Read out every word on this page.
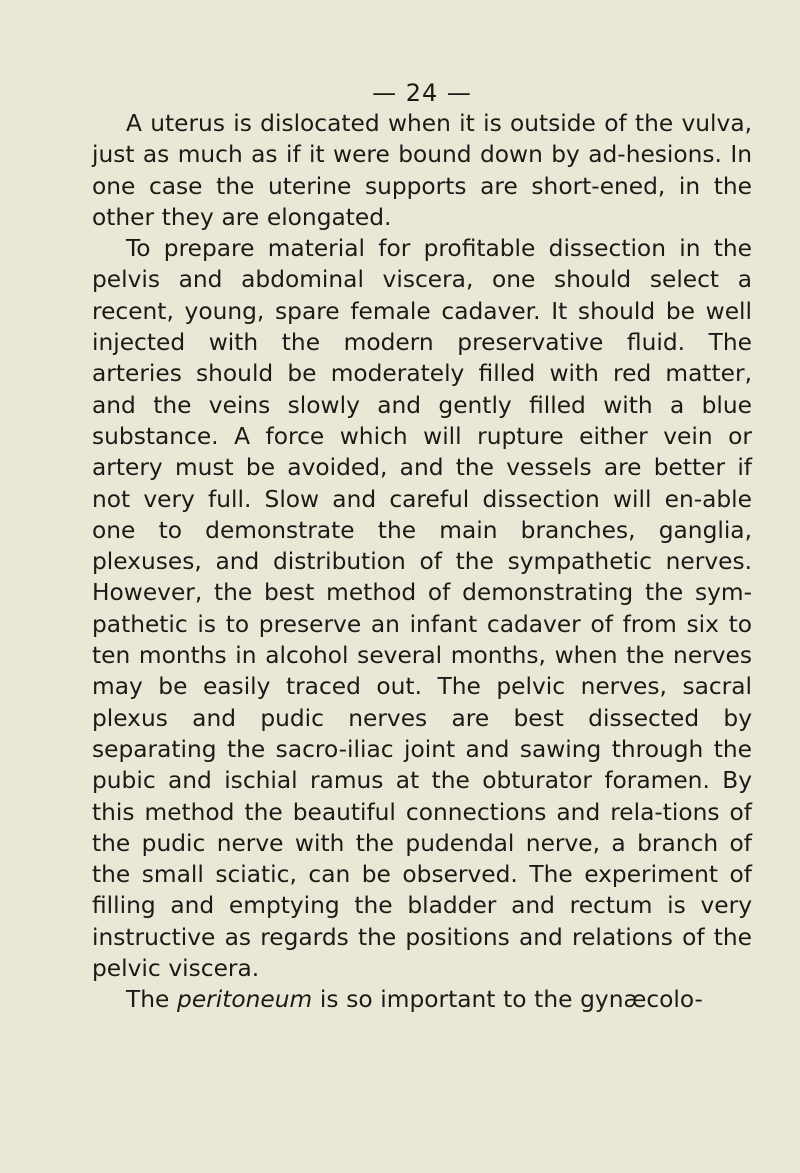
— 24 —

A uterus is dislocated when it is outside of the vulva, just as much as if it were bound down by ad-hesions. In one case the uterine supports are short-ened, in the other they are elongated.

To prepare material for profitable dissection in the pelvis and abdominal viscera, one should select a recent, young, spare female cadaver. It should be well injected with the modern preservative fluid. The arteries should be moderately filled with red matter, and the veins slowly and gently filled with a blue substance. A force which will rupture either vein or artery must be avoided, and the vessels are better if not very full. Slow and careful dissection will en-able one to demonstrate the main branches, ganglia, plexuses, and distribution of the sympathetic nerves. However, the best method of demonstrating the sym-pathetic is to preserve an infant cadaver of from six to ten months in alcohol several months, when the nerves may be easily traced out. The pelvic nerves, sacral plexus and pudic nerves are best dissected by separating the sacro-iliac joint and sawing through the pubic and ischial ramus at the obturator foramen. By this method the beautiful connections and rela-tions of the pudic nerve with the pudendal nerve, a branch of the small sciatic, can be observed. The experiment of filling and emptying the bladder and rectum is very instructive as regards the positions and relations of the pelvic viscera.

The peritoneum is so important to the gynæcolo-
